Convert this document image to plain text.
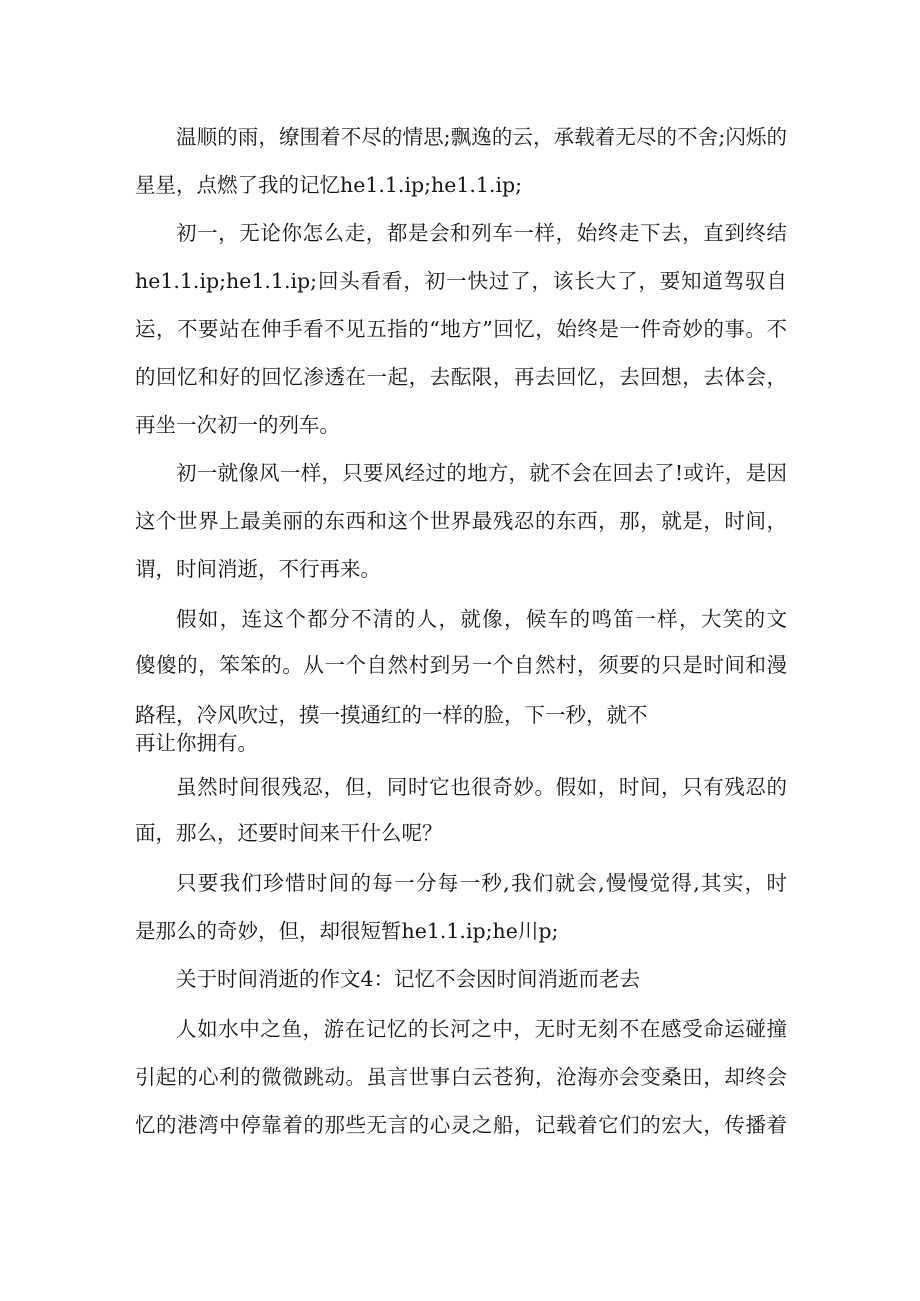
温顺的雨，缭围着不尽的情思;飘逸的云，承载着无尽的不舍;闪烁的
星星，点燃了我的记忆he1.1.ip;he1.1.ip;
初一，无论你怎么走，都是会和列车一样，始终走下去，直到终结
he1.1.ip;he1.1.ip;回头看看，初一快过了，该长大了，要知道驾驭自
运，不要站在伸手看不见五指的“地方”回忆，始终是一件奇妙的事。不
的回忆和好的回忆渗透在一起，去酝限，再去回忆，去回想，去体会，
再坐一次初一的列车。
初一就像风一样，只要风经过的地方，就不会在回去了!或许，是因
这个世界上最美丽的东西和这个世界最残忍的东西，那，就是，时间，
谓，时间消逝，不行再来。
假如，连这个都分不清的人，就像，候车的鸣笛一样，大笑的文
傻傻的，笨笨的。从一个自然村到另一个自然村，须要的只是时间和漫
路程，冷风吹过，摸一摸通红的一样的脸，下一秒，就不
再让你拥有。
虽然时间很残忍，但，同时它也很奇妙。假如，时间，只有残忍的
面，那么，还要时间来干什么呢？
只要我们珍惜时间的每一分每一秒,我们就会,慢慢觉得,其实，时
是那么的奇妙，但，却很短暂he1.1.ip;he川p;
关于时间消逝的作文4：记忆不会因时间消逝而老去
人如水中之鱼，游在记忆的长河之中，无时无刻不在感受命运碰撞
引起的心利的微微跳动。虽言世事白云苍狗，沧海亦会变桑田，却终会
忆的港湾中停靠着的那些无言的心灵之船，记载着它们的宏大，传播着
